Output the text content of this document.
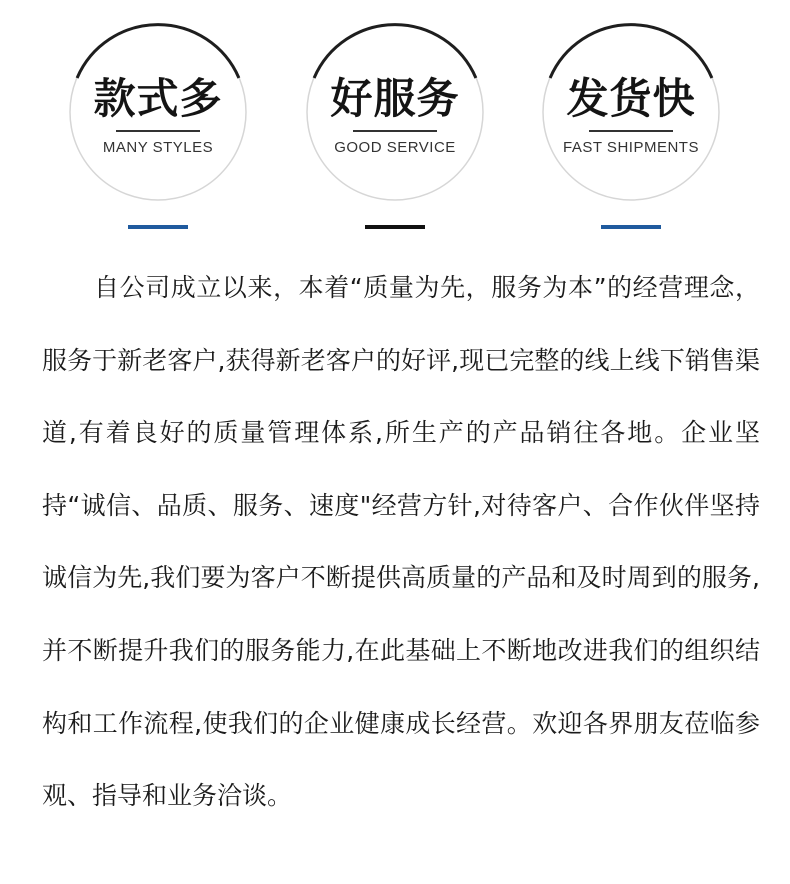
款式多
MANY STYLES
好服务
GOOD SERVICE
发货快
FAST SHIPMENTS

自公司成立以来，本着“质量为先，服务为本”的经营理念，服务于新老客户,获得新老客户的好评,现已完整的线上线下销售渠道,有着良好的质量管理体系,所生产的产品销往各地。企业坚持“诚信、品质、服务、速度"经营方针,对待客户、合作伙伴坚持诚信为先,我们要为客户不断提供高质量的产品和及时周到的服务,并不断提升我们的服务能力,在此基础上不断地改进我们的组织结构和工作流程,使我们的企业健康成长经营。欢迎各界朋友莅临参观、指导和业务洽谈。
